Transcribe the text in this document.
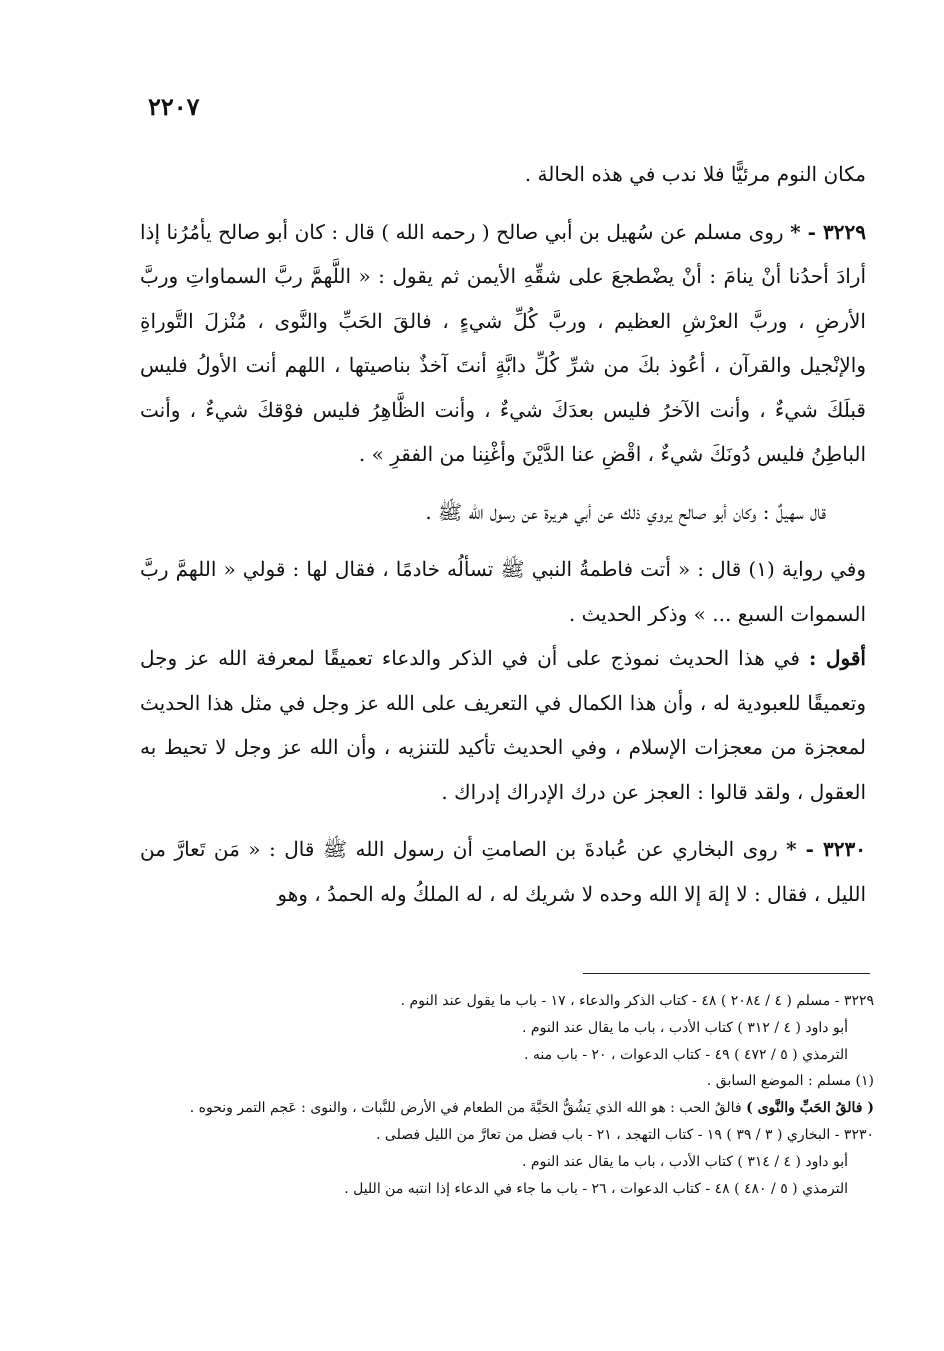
٢٢٠٧

مكان النوم مرئيًّا فلا ندب في هذه الحالة .

٣٢٢٩ - * روى مسلم عن سُهيل بن أبي صالح ( رحمه الله ) قال : كان أبو صالح يأمُرُنا إذا أرادَ أحدُنا أنْ ينامَ : أنْ يضْطجعَ على شقِّهِ الأيمن ثم يقول : « اللَّهمَّ ربَّ السماواتِ وربَّ الأرضِ ، وربَّ العرْشِ العظيم ، وربَّ كُلِّ شيءٍ ، فالقَ الحَبِّ والنَّوى ، مُنْزلَ التَّوراةِ والإنْجيل والقرآن ، أعُوذ بكَ من شرِّ كُلِّ دابَّةٍ أنتَ آخذٌ بناصيتها ، اللهم أنت الأولُ فليس قبلَكَ شيءٌ ، وأنت الآخرُ فليس بعدَكَ شيءٌ ، وأنت الظَّاهِرُ فليس فوْقكَ شيءٌ ، وأنت الباطِنُ فليس دُونَكَ شيءٌ ، اقْضِ عنا الدَّيْنَ وأغْنِنا من الفقرِ » .

قال سهيلٌ : وكان أبو صالح يروي ذلك عن أبي هريرة عن رسول الله ﷺ .

وفي رواية (١) قال : « أتت فاطمةُ النبي ﷺ تسألُه خادمًا ، فقال لها : قولي « اللهمَّ ربَّ السموات السبع ... » وذكر الحديث .

أقول : في هذا الحديث نموذج على أن في الذكر والدعاء تعميقًا لمعرفة الله عز وجل وتعميقًا للعبودية له ، وأن هذا الكمال في التعريف على الله عز وجل في مثل هذا الحديث لمعجزة من معجزات الإسلام ، وفي الحديث تأكيد للتنزيه ، وأن الله عز وجل لا تحيط به العقول ، ولقد قالوا : العجز عن درك الإدراك إدراك .

٣٢٣٠ - * روى البخاري عن عُبادةَ بن الصامتِ أن رسول الله ﷺ قال : « مَن تَعارَّ من الليل ، فقال : لا إلهَ إلا الله وحده لا شريك له ، له الملكُ وله الحمدُ ، وهو

٣٢٢٩ - مسلم ( ٤ / ٢٠٨٤ ) ٤٨ - كتاب الذكر والدعاء ، ١٧ - باب ما يقول عند النوم .

أبو داود ( ٤ / ٣١٢ ) كتاب الأدب ، باب ما يقال عند النوم .

الترمذي ( ٥ / ٤٧٢ ) ٤٩ - كتاب الدعوات ، ٢٠ - باب منه .

(١) مسلم : الموضع السابق .

( فالقُ الحَبِّ والنَّوى ) فالقُ الحب : هو الله الذي يَشُقُّ الحَبَّةَ من الطعام في الأرض للنَّبات ، والنوى : عَجم التمر ونحوه .

٣٢٣٠ - البخاري ( ٣ / ٣٩ ) ١٩ - كتاب التهجد ، ٢١ - باب فضل من تعارَّ من الليل فصلى .

أبو داود ( ٤ / ٣١٤ ) كتاب الأدب ، باب ما يقال عند النوم .

الترمذي ( ٥ / ٤٨٠ ) ٤٨ - كتاب الدعوات ، ٢٦ - باب ما جاء في الدعاء إذا انتبه من الليل .
